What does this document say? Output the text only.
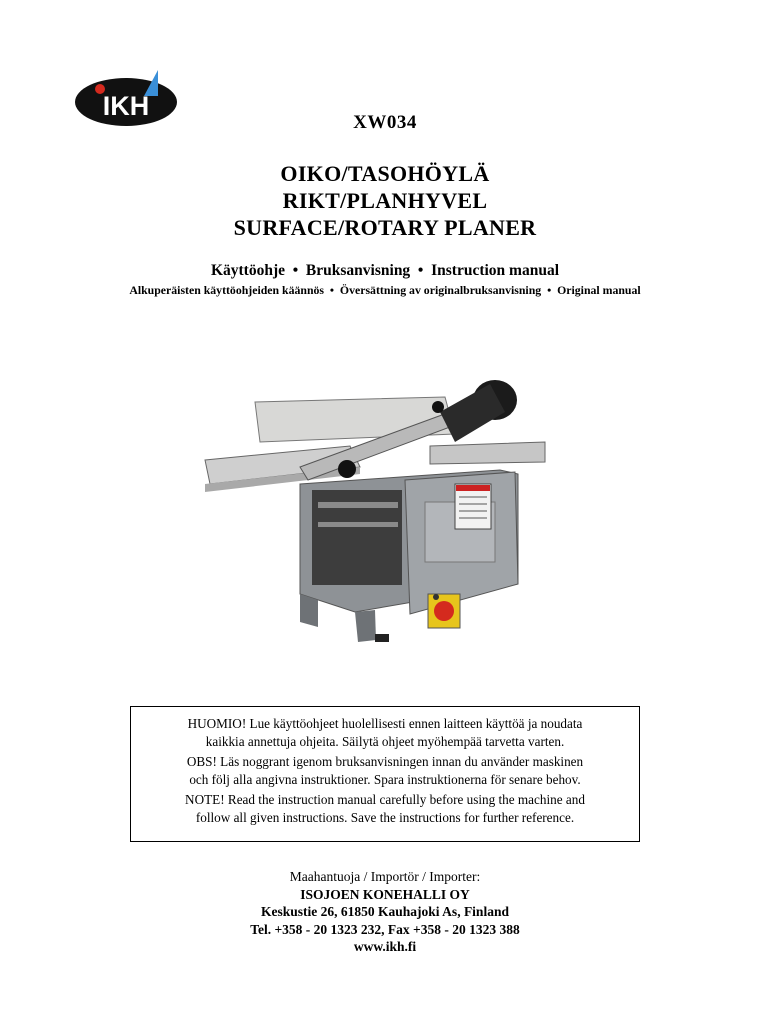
IKH
XW034
OIKO/TASOHÖYLÄ
RIKT/PLANHYVEL
SURFACE/ROTARY PLANER
Käyttöohje  •  Bruksanvisning  •  Instruction manual
Alkuperäisten käyttöohjeiden käännös  •  Översättning av originalbruksanvisning  •  Original manual
HUOMIO! Lue käyttöohjeet huolellisesti ennen laitteen käyttöä ja noudata
kaikkia annettuja ohjeita. Säilytä ohjeet myöhempää tarvetta varten.
OBS! Läs noggrant igenom bruksanvisningen innan du använder maskinen
och följ alla angivna instruktioner. Spara instruktionerna för senare behov.
NOTE! Read the instruction manual carefully before using the machine and
follow all given instructions. Save the instructions for further reference.
Maahantuoja / Importör / Importer:
ISOJOEN KONEHALLI OY
Keskustie 26, 61850 Kauhajoki As, Finland
Tel. +358 - 20 1323 232, Fax +358 - 20 1323 388
www.ikh.fi
